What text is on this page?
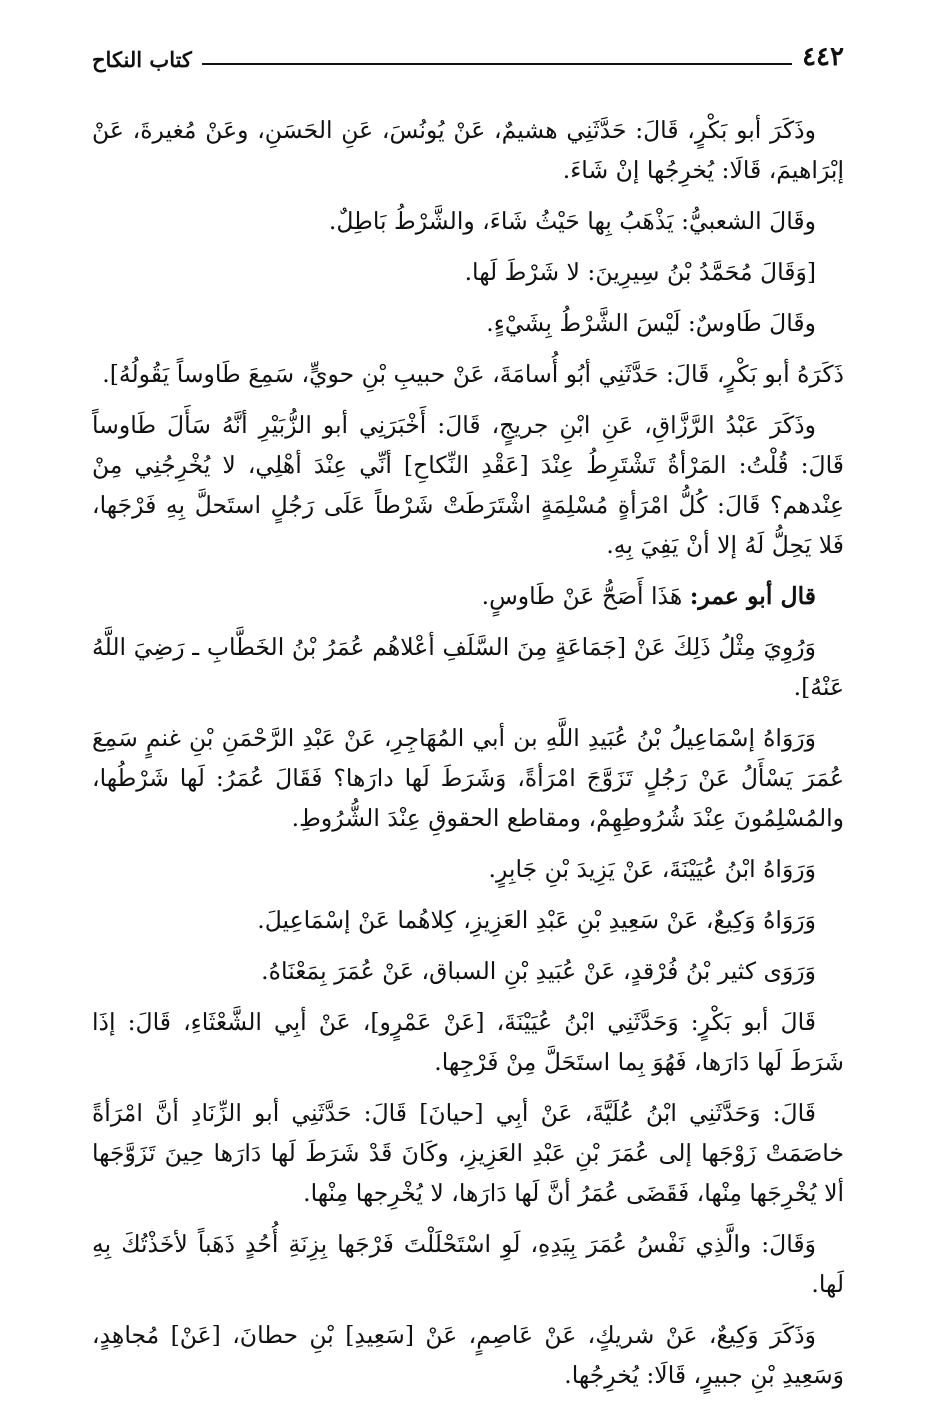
٤٤٢
كتاب النكاح

وذَكَرَ أبو بَكْرٍ، قَالَ: حَدَّثَنِي هشيمٌ، عَنْ يُونُسَ، عَنِ الحَسَنِ، وعَنْ مُغيرةَ، عَنْ إبْرَاهيمَ، قَالَا: يُخرِجُها إنْ شَاءَ.

وقَالَ الشعبيُّ: يَذْهَبُ بِها حَيْثُ شَاءَ، والشَّرْطُ بَاطِلٌ.

[وَقَالَ مُحَمَّدُ بْنُ سِيرِينَ: لا شَرْطَ لَها.

وقَالَ طَاوسٌ: لَيْسَ الشَّرْطُ بِشَيْءٍ.

ذَكَرَهُ أبو بَكْرٍ، قَالَ: حَدَّثَنِي أبُو أُسامَةَ، عَنْ حبيبِ بْنِ حويٍّ، سَمِعَ طَاوساً يَقُولُهُ].

وذَكَرَ عَبْدُ الرَّزَّاقِ، عَنِ ابْنِ جريجٍ، قَالَ: أَخْبَرَنِي أبو الزُّبَيْرِ أنَّهُ سَأَلَ طَاوساً قَالَ: قُلْتُ: المَرْأةُ تَشْتَرِطُ عِنْدَ [عَقْدِ النِّكاحِ] أنِّي عِنْدَ أهْلِي، لا يُخْرِجُنِي مِنْ عِنْدهم؟ قَالَ: كُلُّ امْرَأةٍ مُسْلِمَةٍ اشْتَرَطَتْ شَرْطاً عَلَى رَجُلٍ استَحلَّ بِهِ فَرْجَها، فَلا يَحِلُّ لَهُ إلا أنْ يَفِيَ بِهِ.

قال أبو عمر: هَذَا أَصَحُّ عَنْ طَاوسٍ.

وَرُوِيَ مِثْلُ ذَلِكَ عَنْ [جَمَاعَةٍ مِنَ السَّلَفِ أعْلاهُم عُمَرُ بْنُ الخَطَّابِ ـ رَضِيَ اللَّهُ عَنْهُ].

وَرَوَاهُ إسْمَاعِيلُ بْنُ عُبَيدِ اللَّهِ بن أبي المُهَاجِرِ، عَنْ عَبْدِ الرَّحْمَنِ بْنِ غنمٍ سَمِعَ عُمَرَ يَسْأَلُ عَنْ رَجُلٍ تَزَوَّجَ امْرَأةً، وَشَرَطَ لَها دارَها؟ فَقَالَ عُمَرُ: لَها شَرْطُها، والمُسْلِمُونَ عِنْدَ شُرُوطِهِمْ، ومقاطع الحقوقِ عِنْدَ الشُّرُوطِ.

وَرَوَاهُ ابْنُ عُيَيْنَةَ، عَنْ يَزِيدَ بْنِ جَابِرٍ.

وَرَوَاهُ وَكِيعٌ، عَنْ سَعِيدِ بْنِ عَبْدِ العَزِيزِ، كِلاهُما عَنْ إسْمَاعِيلَ.

وَرَوَى كثير بْنُ فُرْقدٍ، عَنْ عُبَيدِ بْنِ السباق، عَنْ عُمَرَ بِمَعْنَاهُ.

قَالَ أبو بَكْرٍ: وَحَدَّثَنِي ابْنُ عُيَيْنَةَ، [عَنْ عَمْرٍو]، عَنْ أبِي الشَّعْثَاءِ، قَالَ: إذَا شَرَطَ لَها دَارَها، فَهُوَ بِما استَحَلَّ مِنْ فَرْجِها.

قَالَ: وَحَدَّثَنِي ابْنُ عُلَيَّةَ، عَنْ أبِي [حيانَ] قَالَ: حَدَّثَنِي أبو الزِّنَادِ أنَّ امْرَأةً خاصَمَتْ زَوْجَها إلى عُمَرَ بْنِ عَبْدِ العَزِيزِ، وكَانَ قَدْ شَرَطَ لَها دَارَها حِينَ تَزَوَّجَها ألا يُخْرِجَها مِنْها، فَقَضَى عُمَرُ أنَّ لَها دَارَها، لا يُخْرِجها مِنْها.

وَقَالَ: والَّذِي نَفْسُ عُمَرَ بِيَدِهِ، لَوِ اسْتَحْلَلْتَ فَرْجَها بِزِنَةِ أُحُدٍ ذَهَباً لأخَذْتُكَ بِهِ لَها.

وَذَكَرَ وَكِيعٌ، عَنْ شريكٍ، عَنْ عَاصِمٍ، عَنْ [سَعِيدِ] بْنِ حطانَ، [عَنْ] مُجاهِدٍ، وَسَعِيدِ بْنِ جبيرٍ، قَالَا: يُخرِجُها.
